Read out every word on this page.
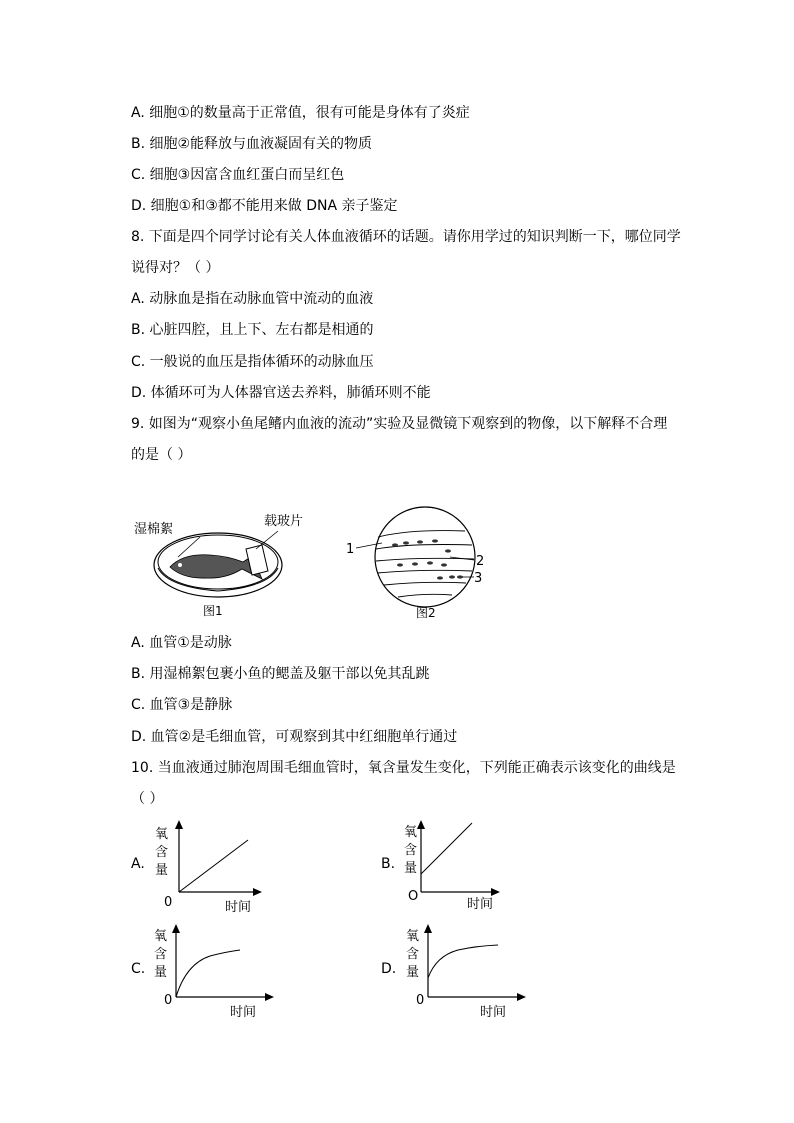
A. 细胞①的数量高于正常值，很有可能是身体有了炎症
B. 细胞②能释放与血液凝固有关的物质
C. 细胞③因富含血红蛋白而呈红色
D. 细胞①和③都不能用来做 DNA 亲子鉴定
8. 下面是四个同学讨论有关人体血液循环的话题。请你用学过的知识判断一下，哪位同学
说得对？（ ）
A. 动脉血是指在动脉血管中流动的血液
B. 心脏四腔，且上下、左右都是相通的
C. 一般说的血压是指体循环的动脉血压
D. 体循环可为人体器官送去养料，肺循环则不能
9. 如图为“观察小鱼尾鳍内血液的流动”实验及显微镜下观察到的物像，以下解释不合理
的是（ ）
湿棉絮
载玻片
图1
1
2
3
图2
A. 血管①是动脉
B. 用湿棉絮包裹小鱼的鳃盖及躯干部以免其乱跳
C. 血管③是静脉
D. 血管②是毛细血管，可观察到其中红细胞单行通过
10. 当血液通过肺泡周围毛细血管时，氧含量发生变化，下列能正确表示该变化的曲线是
（ ）
A.
氧
含
量
0	时间
B.
氧
含
量
O
时间
C.
氧
含
量
0
时间
D.
氧
含
量
0
时间
